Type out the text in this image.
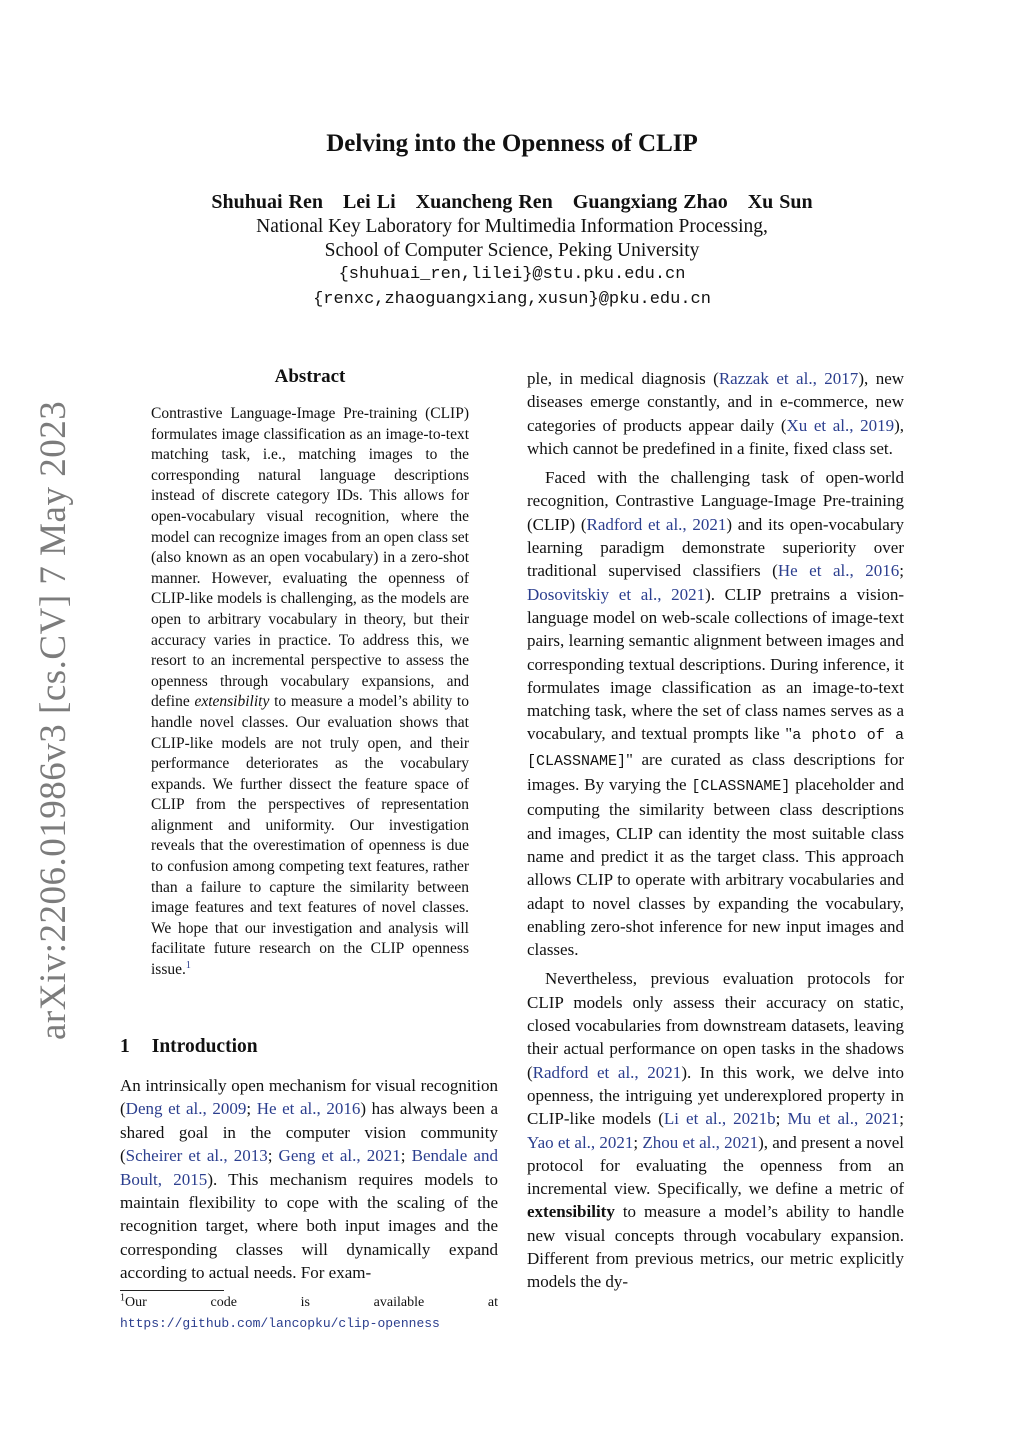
Delving into the Openness of CLIP
Shuhuai Ren Lei Li Xuancheng Ren Guangxiang Zhao Xu Sun
National Key Laboratory for Multimedia Information Processing,
School of Computer Science, Peking University
{shuhuai_ren,lilei}@stu.pku.edu.cn
{renxc,zhaoguangxiang,xusun}@pku.edu.cn
arXiv:2206.01986v3 [cs.CV] 7 May 2023
Abstract
Contrastive Language-Image Pre-training (CLIP) formulates image classification as an image-to-text matching task, i.e., matching images to the corresponding natural language descriptions instead of discrete category IDs. This allows for open-vocabulary visual recognition, where the model can recognize images from an open class set (also known as an open vocabulary) in a zero-shot manner. However, evaluating the openness of CLIP-like models is challenging, as the models are open to arbitrary vocabulary in theory, but their accuracy varies in practice. To address this, we resort to an incremental perspective to assess the openness through vocabulary expansions, and define extensibility to measure a model’s ability to handle novel classes. Our evaluation shows that CLIP-like models are not truly open, and their performance deteriorates as the vocabulary expands. We further dissect the feature space of CLIP from the perspectives of representation alignment and uniformity. Our investigation reveals that the overestimation of openness is due to confusion among competing text features, rather than a failure to capture the similarity between image features and text features of novel classes. We hope that our investigation and analysis will facilitate future research on the CLIP openness issue.$^1$
1 Introduction
An intrinsically open mechanism for visual recognition (Deng et al., 2009; He et al., 2016) has always been a shared goal in the computer vision community (Scheirer et al., 2013; Geng et al., 2021; Bendale and Boult, 2015). This mechanism requires models to maintain flexibility to cope with the scaling of the recognition target, where both input images and the corresponding classes will dynamically expand according to actual needs. For exam-
$^1$Our code is available at https://github.com/lancopku/clip-openness

ple, in medical diagnosis (Razzak et al., 2017), new diseases emerge constantly, and in e-commerce, new categories of products appear daily (Xu et al., 2019), which cannot be predefined in a finite, fixed class set.

Faced with the challenging task of open-world recognition, Contrastive Language-Image Pre-training (CLIP) (Radford et al., 2021) and its open-vocabulary learning paradigm demonstrate superiority over traditional supervised classifiers (He et al., 2016; Dosovitskiy et al., 2021). CLIP pretrains a vision-language model on web-scale collections of image-text pairs, learning semantic alignment between images and corresponding textual descriptions. During inference, it formulates image classification as an image-to-text matching task, where the set of class names serves as a vocabulary, and textual prompts like "a photo of a [CLASSNAME]" are curated as class descriptions for images. By varying the [CLASSNAME] placeholder and computing the similarity between class descriptions and images, CLIP can identity the most suitable class name and predict it as the target class. This approach allows CLIP to operate with arbitrary vocabularies and adapt to novel classes by expanding the vocabulary, enabling zero-shot inference for new input images and classes.

Nevertheless, previous evaluation protocols for CLIP models only assess their accuracy on static, closed vocabularies from downstream datasets, leaving their actual performance on open tasks in the shadows (Radford et al., 2021). In this work, we delve into openness, the intriguing yet underexplored property in CLIP-like models (Li et al., 2021b; Mu et al., 2021; Yao et al., 2021; Zhou et al., 2021), and present a novel protocol for evaluating the openness from an incremental view. Specifically, we define a metric of extensibility to measure a model’s ability to handle new visual concepts through vocabulary expansion. Different from previous metrics, our metric explicitly models the dy-
